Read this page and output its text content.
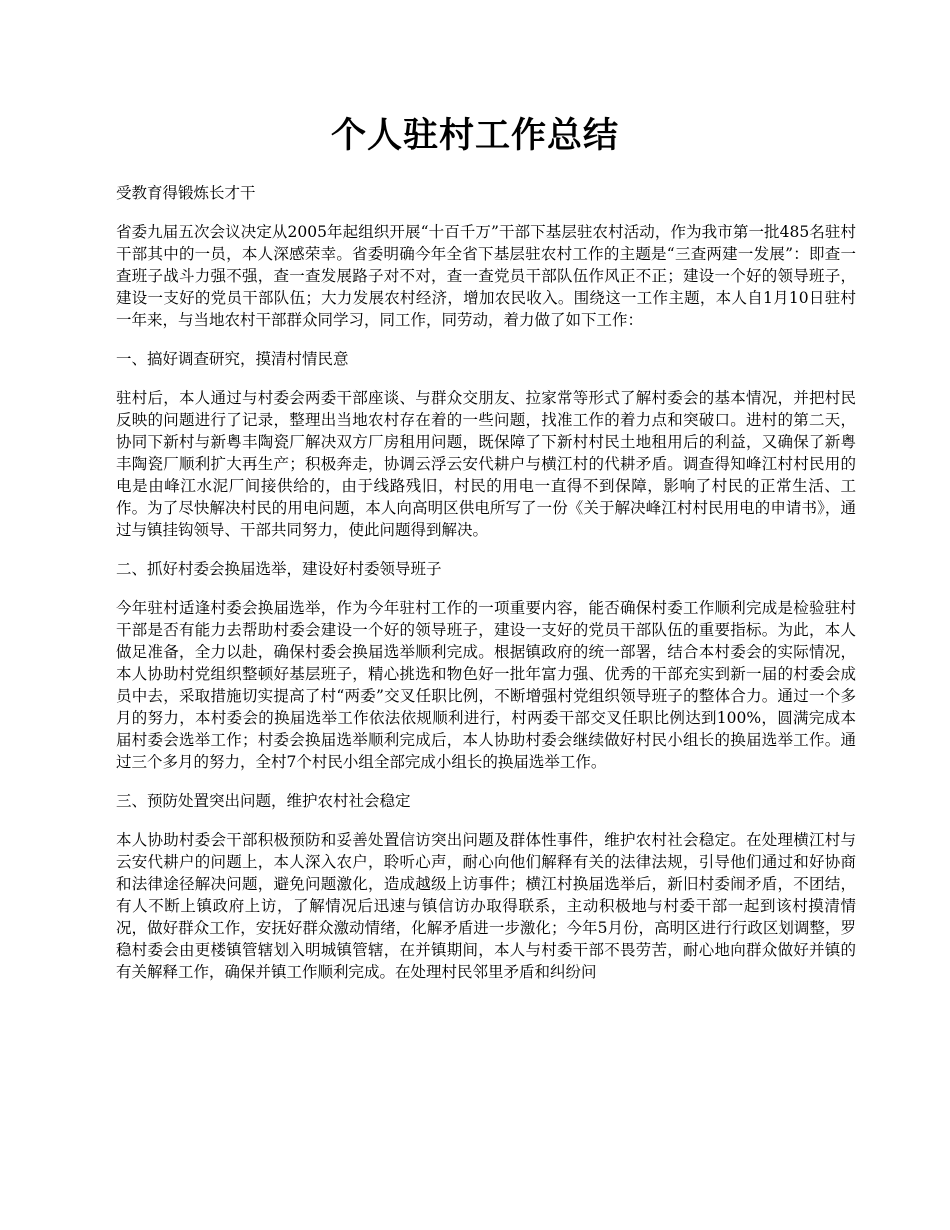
个人驻村工作总结

受教育得锻炼长才干

省委九届五次会议决定从2005年起组织开展“十百千万”干部下基层驻农村活动，作为我市第一批485名驻村干部其中的一员，本人深感荣幸。省委明确今年全省下基层驻农村工作的主题是“三查两建一发展”：即查一查班子战斗力强不强，查一查发展路子对不对，查一查党员干部队伍作风正不正；建设一个好的领导班子，建设一支好的党员干部队伍；大力发展农村经济，增加农民收入。围绕这一工作主题，本人自1月10日驻村一年来，与当地农村干部群众同学习，同工作，同劳动，着力做了如下工作：

一、搞好调查研究，摸清村情民意

驻村后，本人通过与村委会两委干部座谈、与群众交朋友、拉家常等形式了解村委会的基本情况，并把村民反映的问题进行了记录，整理出当地农村存在着的一些问题，找准工作的着力点和突破口。进村的第二天，协同下新村与新粤丰陶瓷厂解决双方厂房租用问题，既保障了下新村村民土地租用后的利益，又确保了新粤丰陶瓷厂顺利扩大再生产；积极奔走，协调云浮云安代耕户与横江村的代耕矛盾。调查得知峰江村村民用的电是由峰江水泥厂间接供给的，由于线路残旧，村民的用电一直得不到保障，影响了村民的正常生活、工作。为了尽快解决村民的用电问题，本人向高明区供电所写了一份《关于解决峰江村村民用电的申请书》，通过与镇挂钩领导、干部共同努力，使此问题得到解决。

二、抓好村委会换届选举，建设好村委领导班子

今年驻村适逢村委会换届选举，作为今年驻村工作的一项重要内容，能否确保村委工作顺利完成是检验驻村干部是否有能力去帮助村委会建设一个好的领导班子，建设一支好的党员干部队伍的重要指标。为此，本人做足准备，全力以赴，确保村委会换届选举顺利完成。根据镇政府的统一部署，结合本村委会的实际情况，本人协助村党组织整顿好基层班子，精心挑选和物色好一批年富力强、优秀的干部充实到新一届的村委会成员中去，采取措施切实提高了村“两委”交叉任职比例，不断增强村党组织领导班子的整体合力。通过一个多月的努力，本村委会的换届选举工作依法依规顺利进行，村两委干部交叉任职比例达到100%，圆满完成本届村委会选举工作；村委会换届选举顺利完成后，本人协助村委会继续做好村民小组长的换届选举工作。通过三个多月的努力，全村7个村民小组全部完成小组长的换届选举工作。

三、预防处置突出问题，维护农村社会稳定

本人协助村委会干部积极预防和妥善处置信访突出问题及群体性事件，维护农村社会稳定。在处理横江村与云安代耕户的问题上，本人深入农户，聆听心声，耐心向他们解释有关的法律法规，引导他们通过和好协商和法律途径解决问题，避免问题激化，造成越级上访事件；横江村换届选举后，新旧村委闹矛盾，不团结，有人不断上镇政府上访，了解情况后迅速与镇信访办取得联系，主动积极地与村委干部一起到该村摸清情况，做好群众工作，安抚好群众激动情绪，化解矛盾进一步激化；今年5月份，高明区进行行政区划调整，罗稳村委会由更楼镇管辖划入明城镇管辖，在并镇期间，本人与村委干部不畏劳苦，耐心地向群众做好并镇的有关解释工作，确保并镇工作顺利完成。在处理村民邻里矛盾和纠纷问
